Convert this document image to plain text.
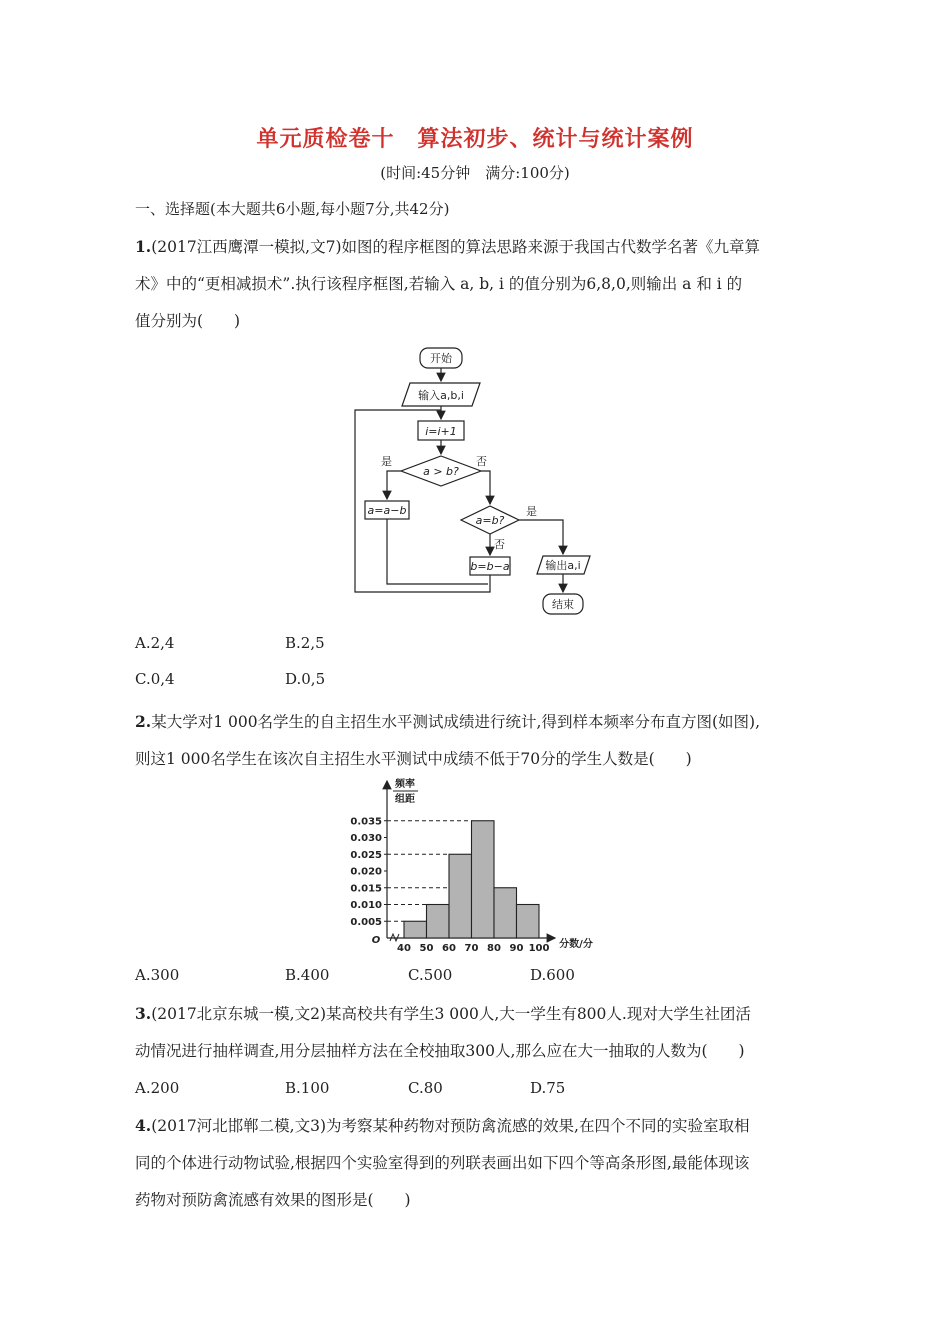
单元质检卷十　算法初步、统计与统计案例
(时间:45分钟　满分:100分)
一、选择题(本大题共6小题,每小题7分,共42分)
1.(2017江西鹰潭一模拟,文7)如图的程序框图的算法思路来源于我国古代数学名著《九章算
术》中的“更相减损术”.执行该程序框图,若输入 a, b, i 的值分别为6,8,0,则输出 a 和 i 的
值分别为(　　)
开始
输入a,b,i
i=i+1
a > b?
是	否
a=a−b
a=b?
是
否
b=b−a	输出a,i
结束
A.2,4	B.2,5
C.0,4	D.0,5
2.某大学对1 000名学生的自主招生水平测试成绩进行统计,得到样本频率分布直方图(如图),
则这1 000名学生在该次自主招生水平测试中成绩不低于70分的学生人数是(　　)
频率
组距
分数/分
O
0.005
0.010
0.015
0.020
0.025
0.030
0.035
40 50 60 70 80 90 100
A.300	B.400	C.500	D.600
3.(2017北京东城一模,文2)某高校共有学生3 000人,大一学生有800人.现对大学生社团活
动情况进行抽样调查,用分层抽样方法在全校抽取300人,那么应在大一抽取的人数为(　　)
A.200	B.100	C.80	D.75
4.(2017河北邯郸二模,文3)为考察某种药物对预防禽流感的效果,在四个不同的实验室取相
同的个体进行动物试验,根据四个实验室得到的列联表画出如下四个等高条形图,最能体现该
药物对预防禽流感有效果的图形是(　　)
